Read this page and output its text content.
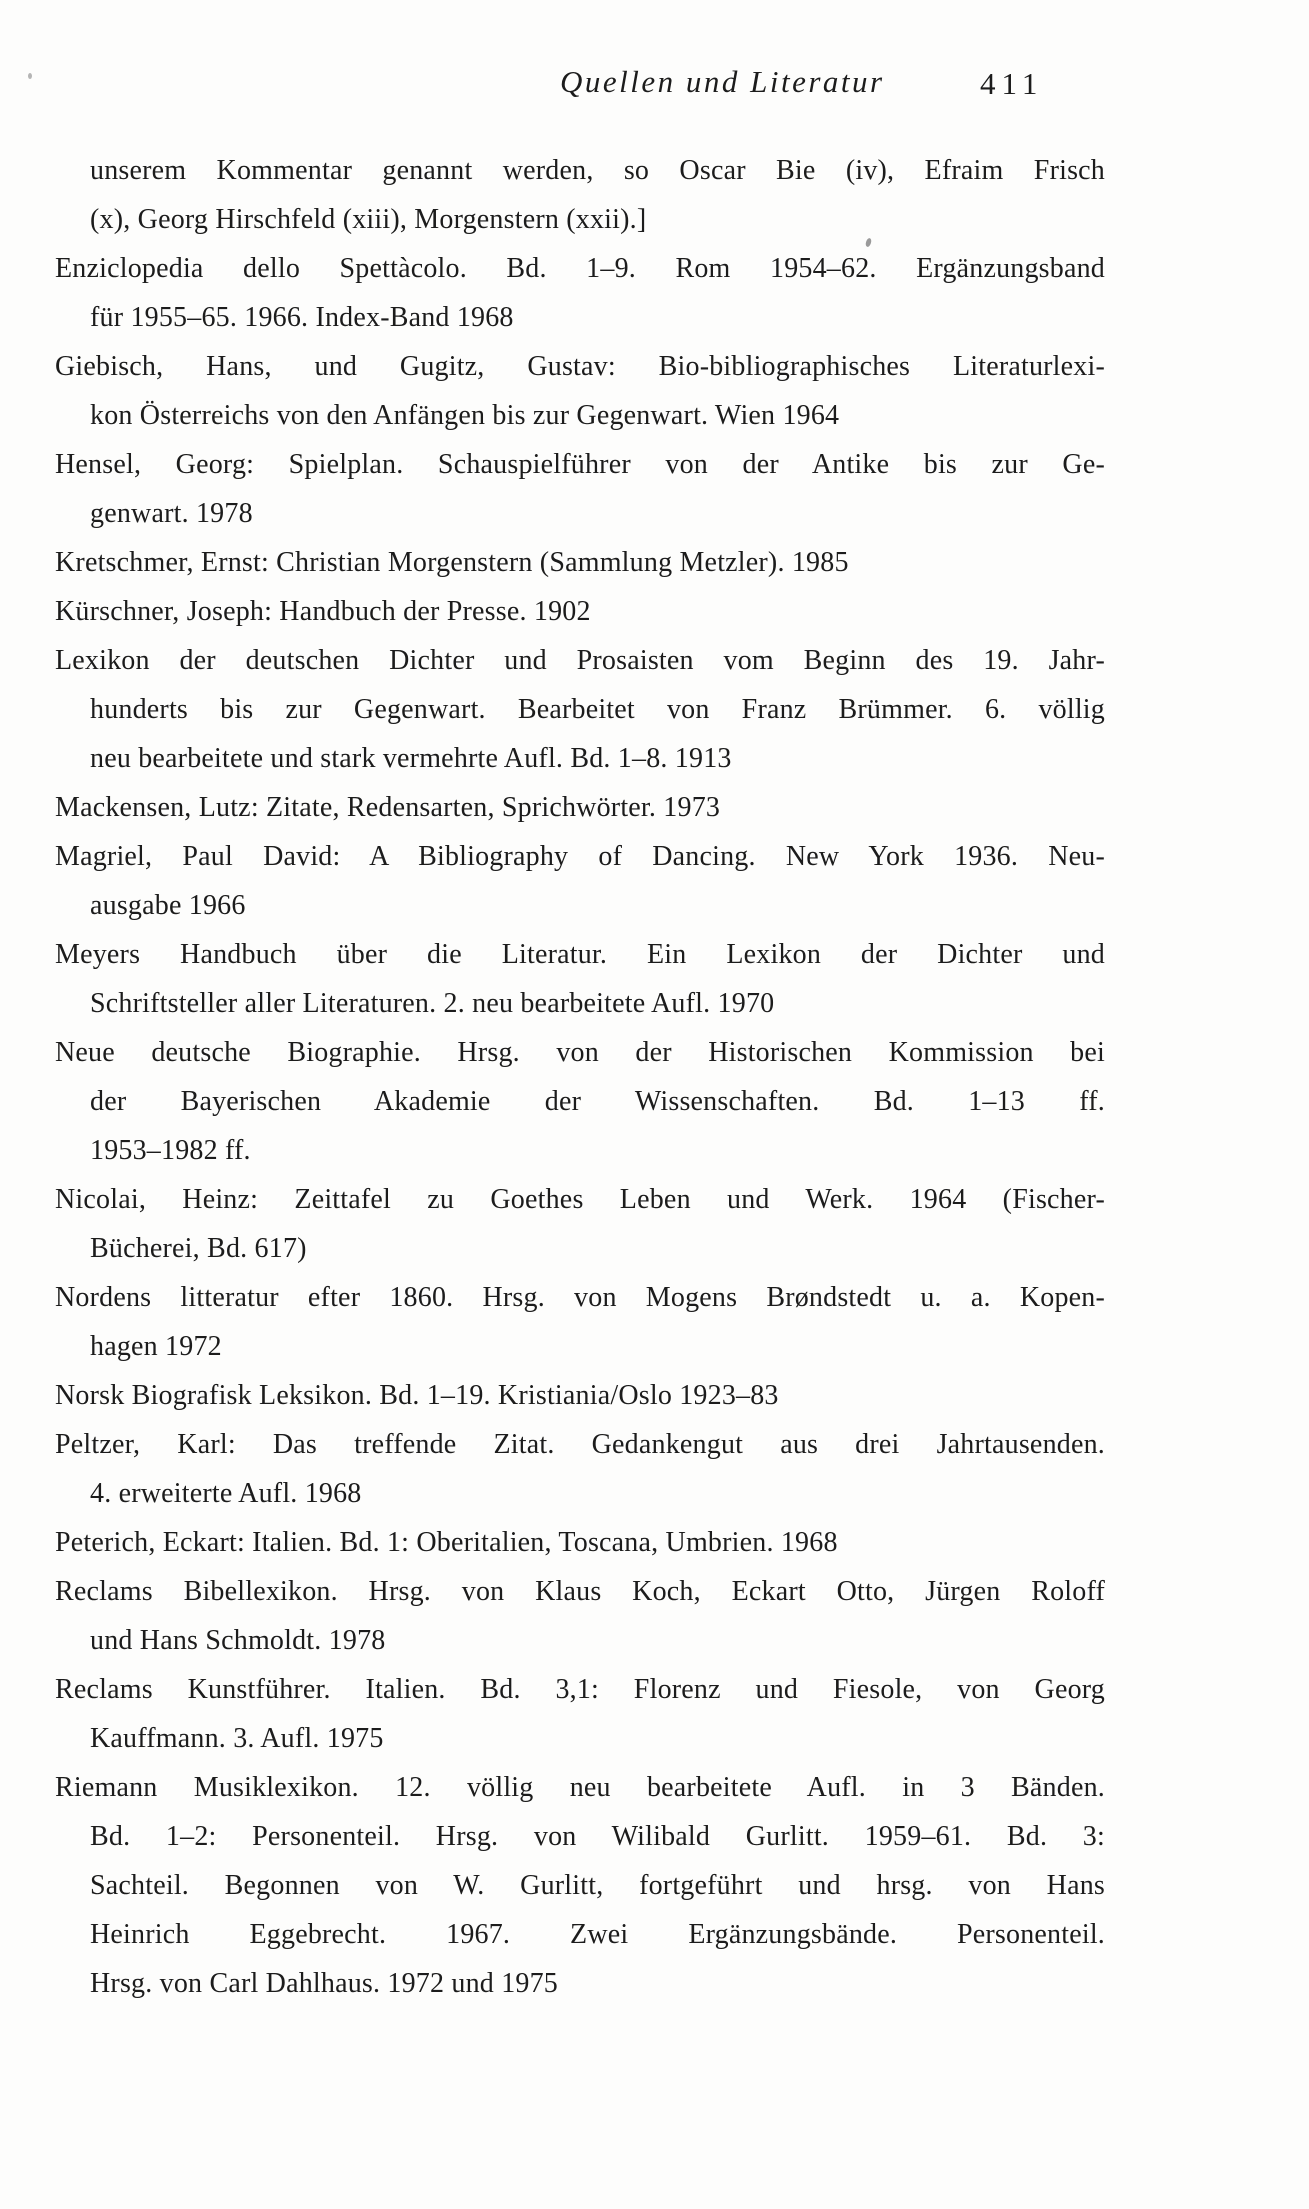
Quellen und Literatur	411
unserem Kommentar genannt werden, so Oscar Bie (iv), Efraim Frisch
(x), Georg Hirschfeld (xiii), Morgenstern (xxii).]
Enziclopedia dello Spettàcolo. Bd. 1–9. Rom 1954–62. Ergänzungsband
für 1955–65. 1966. Index-Band 1968
Giebisch, Hans, und Gugitz, Gustav: Bio-bibliographisches Literaturlexi-
kon Österreichs von den Anfängen bis zur Gegenwart. Wien 1964
Hensel, Georg: Spielplan. Schauspielführer von der Antike bis zur Ge-
genwart. 1978
Kretschmer, Ernst: Christian Morgenstern (Sammlung Metzler). 1985
Kürschner, Joseph: Handbuch der Presse. 1902
Lexikon der deutschen Dichter und Prosaisten vom Beginn des 19. Jahr-
hunderts bis zur Gegenwart. Bearbeitet von Franz Brümmer. 6. völlig
neu bearbeitete und stark vermehrte Aufl. Bd. 1–8. 1913
Mackensen, Lutz: Zitate, Redensarten, Sprichwörter. 1973
Magriel, Paul David: A Bibliography of Dancing. New York 1936. Neu-
ausgabe 1966
Meyers Handbuch über die Literatur. Ein Lexikon der Dichter und
Schriftsteller aller Literaturen. 2. neu bearbeitete Aufl. 1970
Neue deutsche Biographie. Hrsg. von der Historischen Kommission bei
der Bayerischen Akademie der Wissenschaften. Bd. 1–13 ff.
1953–1982 ff.
Nicolai, Heinz: Zeittafel zu Goethes Leben und Werk. 1964 (Fischer-
Bücherei, Bd. 617)
Nordens litteratur efter 1860. Hrsg. von Mogens Brøndstedt u. a. Kopen-
hagen 1972
Norsk Biografisk Leksikon. Bd. 1–19. Kristiania/Oslo 1923–83
Peltzer, Karl: Das treffende Zitat. Gedankengut aus drei Jahrtausenden.
4. erweiterte Aufl. 1968
Peterich, Eckart: Italien. Bd. 1: Oberitalien, Toscana, Umbrien. 1968
Reclams Bibellexikon. Hrsg. von Klaus Koch, Eckart Otto, Jürgen Roloff
und Hans Schmoldt. 1978
Reclams Kunstführer. Italien. Bd. 3,1: Florenz und Fiesole, von Georg
Kauffmann. 3. Aufl. 1975
Riemann Musiklexikon. 12. völlig neu bearbeitete Aufl. in 3 Bänden.
Bd. 1–2: Personenteil. Hrsg. von Wilibald Gurlitt. 1959–61. Bd. 3:
Sachteil. Begonnen von W. Gurlitt, fortgeführt und hrsg. von Hans
Heinrich Eggebrecht. 1967. Zwei Ergänzungsbände. Personenteil.
Hrsg. von Carl Dahlhaus. 1972 und 1975
